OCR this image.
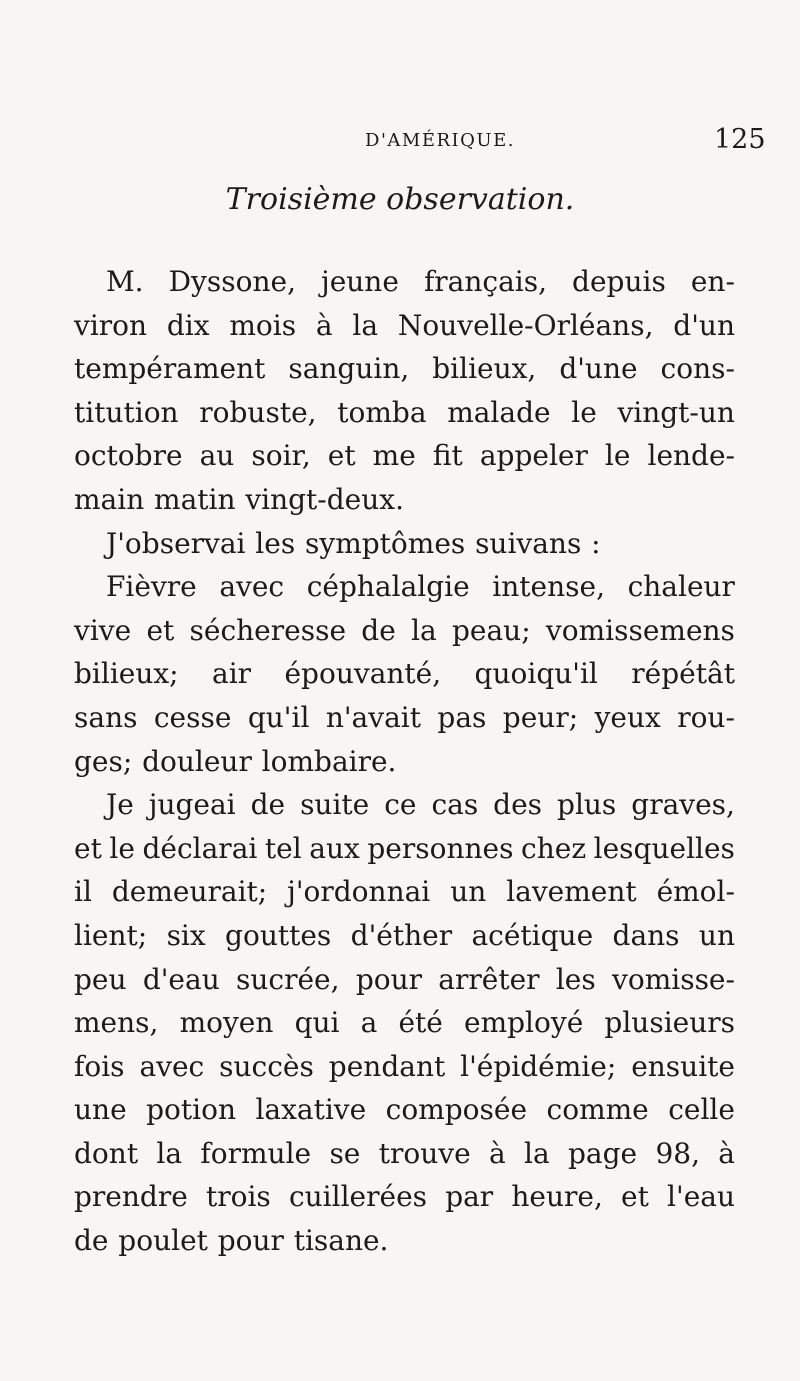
D'AMÉRIQUE.	125
Troisième observation.
M. Dyssone, jeune français, depuis en-
viron dix mois à la Nouvelle-Orléans, d'un
tempérament sanguin, bilieux, d'une cons-
titution robuste, tomba malade le vingt-un
octobre au soir, et me fit appeler le lende-
main matin vingt-deux.
J'observai les symptômes suivans :
Fièvre avec céphalalgie intense, chaleur
vive et sécheresse de la peau; vomissemens
bilieux; air épouvanté, quoiqu'il répétât
sans cesse qu'il n'avait pas peur; yeux rou-
ges; douleur lombaire.
Je jugeai de suite ce cas des plus graves,
et le déclarai tel aux personnes chez lesquelles
il demeurait; j'ordonnai un lavement émol-
lient; six gouttes d'éther acétique dans un
peu d'eau sucrée, pour arrêter les vomisse-
mens, moyen qui a été employé plusieurs
fois avec succès pendant l'épidémie; ensuite
une potion laxative composée comme celle
dont la formule se trouve à la page 98, à
prendre trois cuillerées par heure, et l'eau
de poulet pour tisane.
